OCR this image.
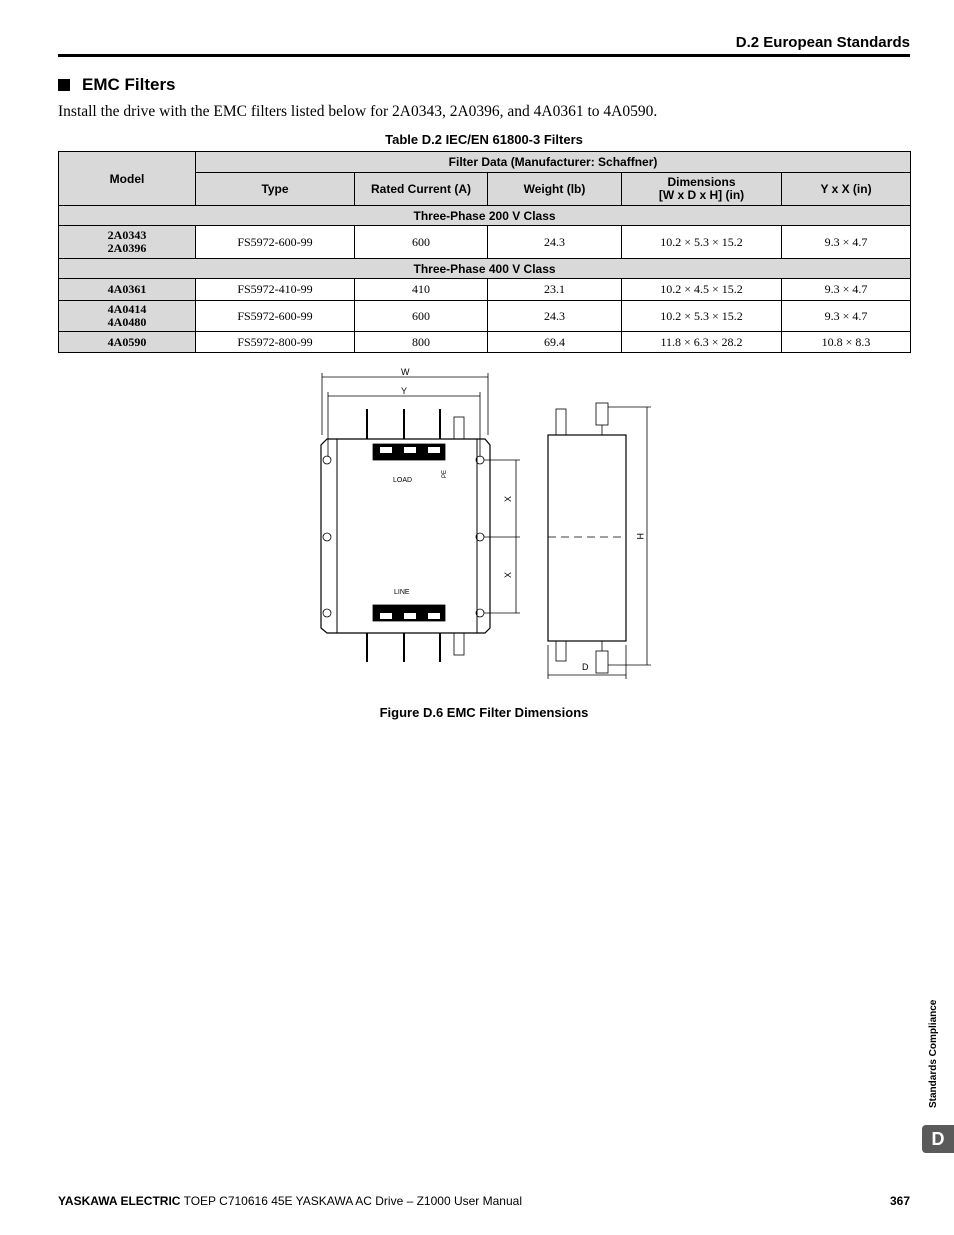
D.2 European Standards
EMC Filters
Install the drive with the EMC filters listed below for 2A0343, 2A0396, and 4A0361 to 4A0590.
Table D.2 IEC/EN 61800-3 Filters
Model	Filter Data (Manufacturer: Schaffner)				
	Type	Rated Current (A)	Weight (lb)	Dimensions
[W x D x H] (in)	Y x X (in)
Three-Phase 200 V Class					

2A0343
2A0396	FS5972-600-99	600	24.3	10.2 × 5.3 × 15.2	9.3 × 4.7
Three-Phase 400 V Class					

4A0361	FS5972-410-99	410	23.1	10.2 × 4.5 × 15.2	9.3 × 4.7

4A0414
4A0480	FS5972-600-99	600	24.3	10.2 × 5.3 × 15.2	9.3 × 4.7

4A0590	FS5972-800-99	800	69.4	11.8 × 6.3 × 28.2	10.8 × 8.3
W
Y
LOAD
LINE
PE
X
X
H
D
Figure D.6 EMC Filter Dimensions
Standards Compliance
D
YASKAWA ELECTRIC TOEP C710616 45E YASKAWA AC Drive – Z1000 User Manual	367
